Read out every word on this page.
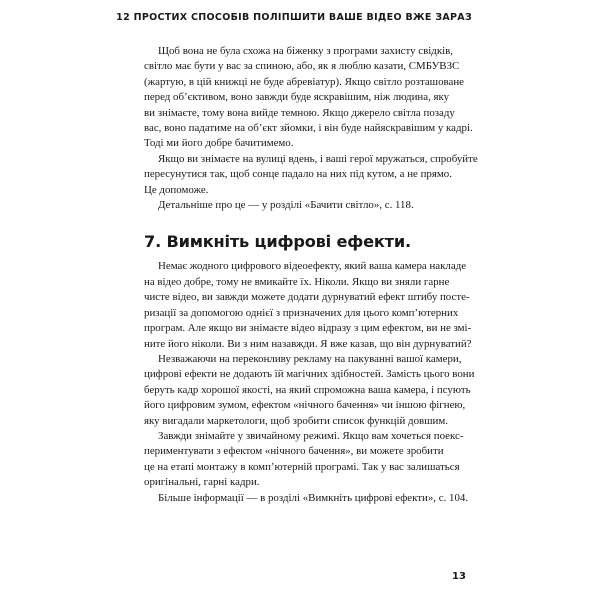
12 ПРОСТИХ СПОСОБІВ ПОЛІПШИТИ ВАШЕ ВІДЕО ВЖЕ ЗАРАЗ

Щоб вона не була схожа на біженку з програми захисту свідків,
світло має бути у вас за спиною, або, як я люблю казати, СМБУВЗС
(жартую, в цій книжці не буде абревіатур). Якщо світло розташоване
перед об’єктивом, воно завжди буде яскравішим, ніж людина, яку
ви знімаєте, тому вона вийде темною. Якщо джерело світла позаду
вас, воно падатиме на об’єкт зйомки, і він буде найяскравішим у кадрі.
Тоді ми його добре бачитимемо.

Якщо ви знімаєте на вулиці вдень, і ваші герої мружаться, спробуйте
пересунутися так, щоб сонце падало на них під кутом, а не прямо.
Це допоможе.

Детальніше про це — у розділі «Бачити світло», с. 118.

7. Вимкніть цифрові ефекти.

Немає жодного цифрового відеоефекту, який ваша камера накладе
на відео добре, тому не вмикайте їх. Ніколи. Якщо ви зняли гарне
чисте відео, ви завжди можете додати дурнуватий ефект штибу посте-
ризації за допомогою однієї з призначених для цього комп’ютерних
програм. Але якщо ви знімаєте відео відразу з цим ефектом, ви не змі-
ните його ніколи. Ви з ним назавжди. Я вже казав, що він дурнуватий?

Незважаючи на переконливу рекламу на пакуванні вашої камери,
цифрові ефекти не додають їй магічних здібностей. Замість цього вони
беруть кадр хорошої якості, на який спроможна ваша камера, і псують
його цифровим зумом, ефектом «нічного бачення» чи іншою фігнею,
яку вигадали маркетологи, щоб зробити список функцій довшим.

Завжди знімайте у звичайному режимі. Якщо вам хочеться поекс-
периментувати з ефектом «нічного бачення», ви можете зробити
це на етапі монтажу в комп’ютерній програмі. Так у вас залишаться
оригінальні, гарні кадри.

Більше інформації — в розділі «Вимкніть цифрові ефекти», с. 104.

13
